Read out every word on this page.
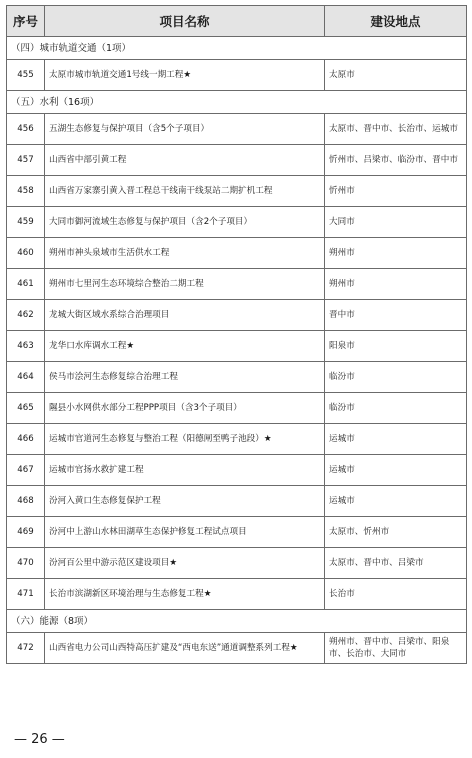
序号	项目名称	建设地点
（四）城市轨道交通（1项）		
455	太原市城市轨道交通1号线一期工程★	太原市
（五）水利（16项）		
456	五湖生态修复与保护项目（含5个子项目）	太原市、晋中市、长治市、运城市
457	山西省中部引黄工程	忻州市、吕梁市、临汾市、晋中市
458	山西省万家寨引黄入晋工程总干线南干线泵站二期扩机工程	忻州市
459	大同市御河流域生态修复与保护项目（含2个子项目）	大同市
460	朔州市神头泉域市生活供水工程	朔州市
461	朔州市七里河生态环境综合整治二期工程	朔州市
462	龙城大街区域水系综合治理项目	晋中市
463	龙华口水库调水工程★	阳泉市
464	侯马市浍河生态修复综合治理工程	临汾市
465	隰县小水网供水部分工程PPP项目（含3个子项目）	临汾市
466	运城市官道河生态修复与整治工程（阳德闸至鸭子池段）★	运城市
467	运城市官扬水救扩建工程	运城市
468	汾河入黄口生态修复保护工程	运城市
469	汾河中上游山水林田湖草生态保护修复工程试点项目	太原市、忻州市
470	汾河百公里中游示范区建设项目★	太原市、晋中市、吕梁市
471	长治市滨湖新区环境治理与生态修复工程★	长治市
（六）能源（8项）		
472	山西省电力公司山西特高压扩建及“西电东送”通道调整系列工程★	朔州市、晋中市、吕梁市、阳泉市、长治市、大同市
— 26 —
